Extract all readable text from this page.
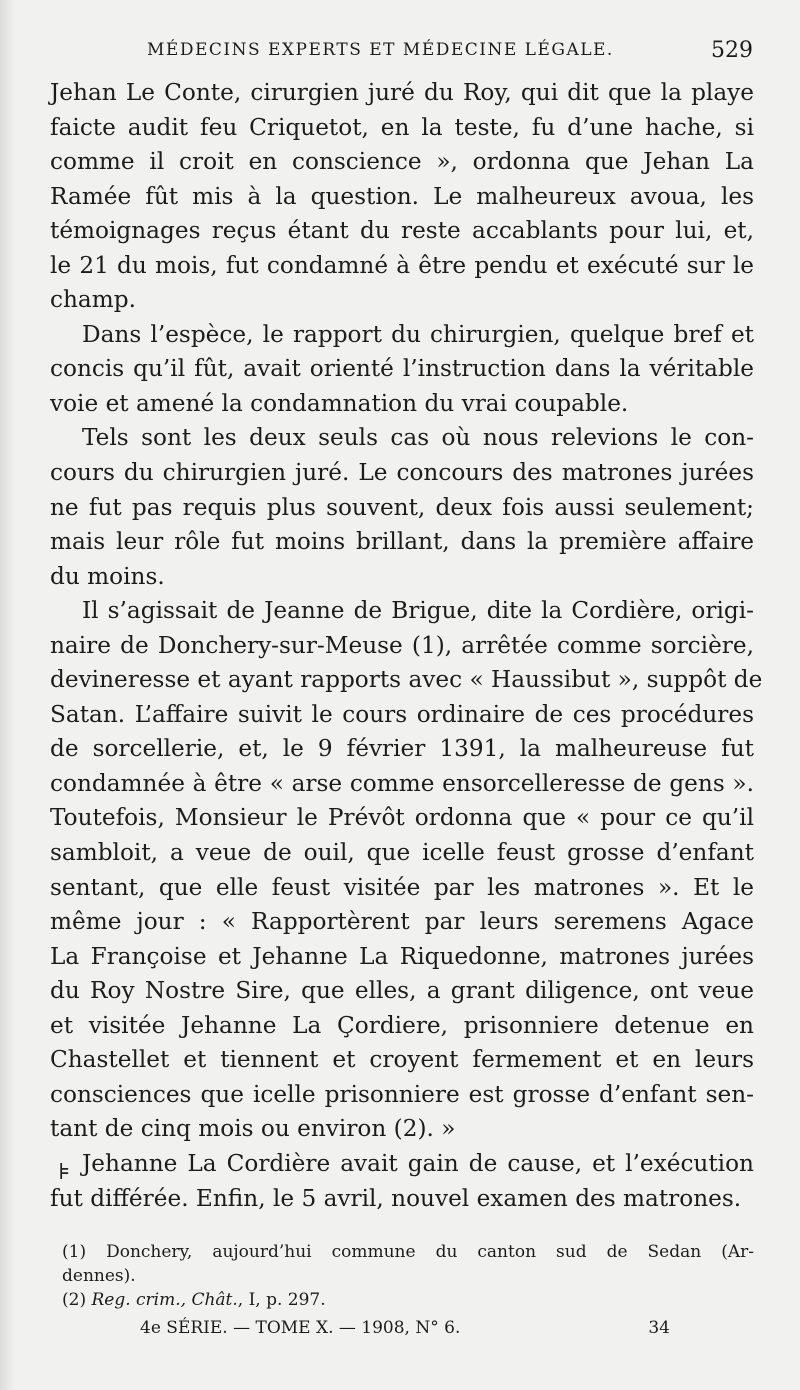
MÉDECINS EXPERTS ET MÉDECINE LÉGALE.	529
Jehan Le Conte, cirurgien juré du Roy, qui dit que la playe
faicte audit feu Criquetot, en la teste, fu d’une hache, si
comme il croit en conscience », ordonna que Jehan La
Ramée fût mis à la question. Le malheureux avoua, les
témoignages reçus étant du reste accablants pour lui, et,
le 21 du mois, fut condamné à être pendu et exécuté sur le
champ.
Dans l’espèce, le rapport du chirurgien, quelque bref et
concis qu’il fût, avait orienté l’instruction dans la véritable
voie et amené la condamnation du vrai coupable.
Tels sont les deux seuls cas où nous relevions le con-
cours du chirurgien juré. Le concours des matrones jurées
ne fut pas requis plus souvent, deux fois aussi seulement;
mais leur rôle fut moins brillant, dans la première affaire
du moins.
Il s’agissait de Jeanne de Brigue, dite la Cordière, origi-
naire de Donchery-sur-Meuse (1), arrêtée comme sorcière,
devineresse et ayant rapports avec « Haussibut », suppôt de
Satan. L’affaire suivit le cours ordinaire de ces procédures
de sorcellerie, et, le 9 février 1391, la malheureuse fut
condamnée à être « arse comme ensorcelleresse de gens ».
Toutefois, Monsieur le Prévôt ordonna que « pour ce qu’il
sambloit, a veue de ouil, que icelle feust grosse d’enfant
sentant, que elle feust visitée par les matrones ». Et le
même jour : « Rapportèrent par leurs seremens Agace
La Françoise et Jehanne La Riquedonne, matrones jurées
du Roy Nostre Sire, que elles, a grant diligence, ont veue
et visitée Jehanne La Çordiere, prisonniere detenue en
Chastellet et tiennent et croyent fermement et en leurs
consciences que icelle prisonniere est grosse d’enfant sen-
tant de cinq mois ou environ (2). »
Jehanne La Cordière avait gain de cause, et l’exécution
fut différée. Enfin, le 5 avril, nouvel examen des matrones.
⊧
(1) Donchery, aujourd’hui commune du canton sud de Sedan (Ar-
dennes).
(2) Reg. crim., Chât., I, p. 297.
4e SÉRIE. — TOME X. — 1908, N° 6.	34
